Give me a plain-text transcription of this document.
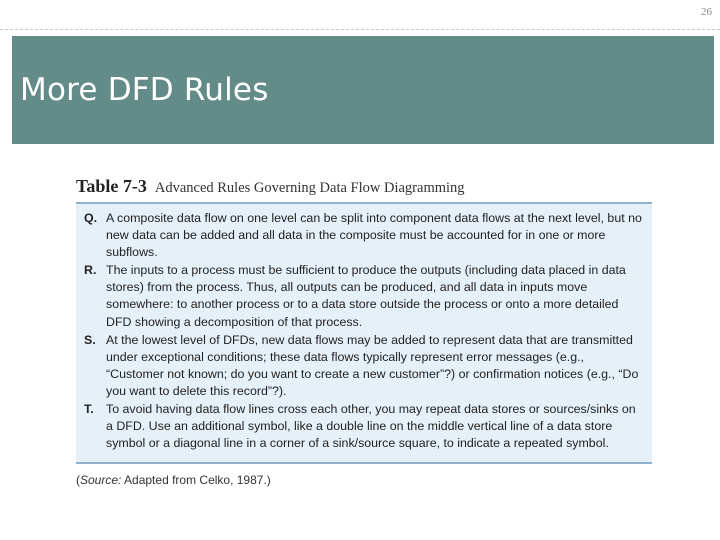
26
More DFD Rules
Table 7-3 Advanced Rules Governing Data Flow Diagramming
Q. A composite data flow on one level can be split into component data flows at the next level, but no new data can be added and all data in the composite must be accounted for in one or more subflows.
R. The inputs to a process must be sufficient to produce the outputs (including data placed in data stores) from the process. Thus, all outputs can be produced, and all data in inputs move somewhere: to another process or to a data store outside the process or onto a more detailed DFD showing a decomposition of that process.
S. At the lowest level of DFDs, new data flows may be added to represent data that are transmitted under exceptional conditions; these data flows typically represent error messages (e.g., “Customer not known; do you want to create a new customer”?) or confirmation notices (e.g., “Do you want to delete this record”?).
T. To avoid having data flow lines cross each other, you may repeat data stores or sources/sinks on a DFD. Use an additional symbol, like a double line on the middle vertical line of a data store symbol or a diagonal line in a corner of a sink/source square, to indicate a repeated symbol.
(Source: Adapted from Celko, 1987.)
